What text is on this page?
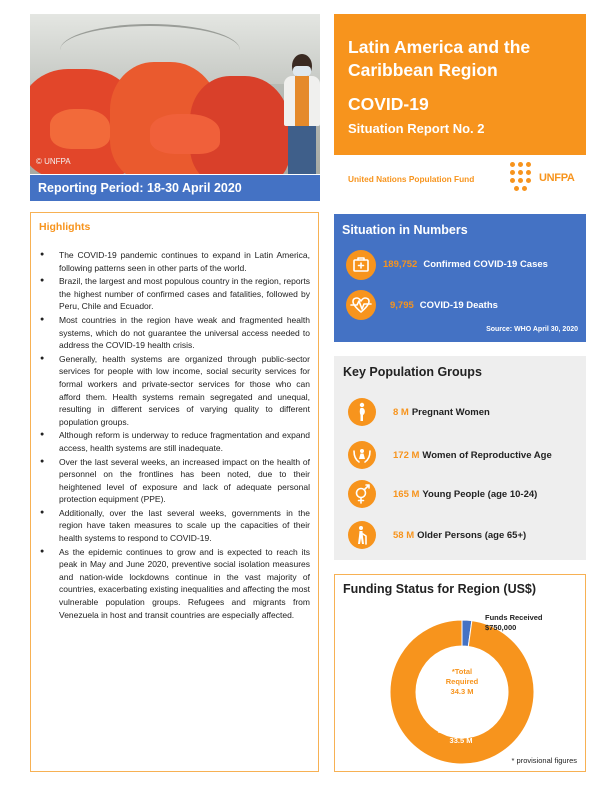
© UNFPA
Latin America and the
Caribbean Region
COVID-19
Situation Report No. 2
United Nations Population Fund	UNFPA
Reporting Period: 18-30 April 2020
Highlights
● The COVID-19 pandemic continues to expand in Latin America, following patterns seen in other parts of the world.
● Brazil, the largest and most populous country in the region, reports the highest number of confirmed cases and fatalities, followed by Peru, Chile and Ecuador.
● Most countries in the region have weak and fragmented health systems, which do not guarantee the universal access needed to address the COVID-19 health crisis.
● Generally, health systems are organized through public-sector services for people with low income, social security services for formal workers and private-sector services for those who can afford them. Health systems remain segregated and unequal, resulting in different services of varying quality to different population groups.
● Although reform is underway to reduce fragmentation and expand access, health systems are still inadequate.
● Over the last several weeks, an increased impact on the health of personnel on the frontlines has been noted, due to their heightened level of exposure and lack of adequate personal protection equipment (PPE).
● Additionally, over the last several weeks, governments in the region have taken measures to scale up the capacities of their health systems to respond to COVID-19.
● As the epidemic continues to grow and is expected to reach its peak in May and June 2020, preventive social isolation measures and nation-wide lockdowns continue in the vast majority of countries, exacerbating existing inequalities and affecting the most vulnerable population groups. Refugees and migrants from Venezuela in host and transit countries are especially affected.
Situation in Numbers
189,752 Confirmed COVID-19 Cases
9,795 COVID-19 Deaths
Source: WHO April 30, 2020
Key Population Groups
8 M Pregnant Women
172 M Women of Reproductive Age
165 M Young People (age 10-24)
58 M Older Persons (age 65+)
Funding Status for Region (US$)
Funds Received
$750,000
*Total
Required
34.3 M
Funding Gap
33.5 M
* provisional figures
